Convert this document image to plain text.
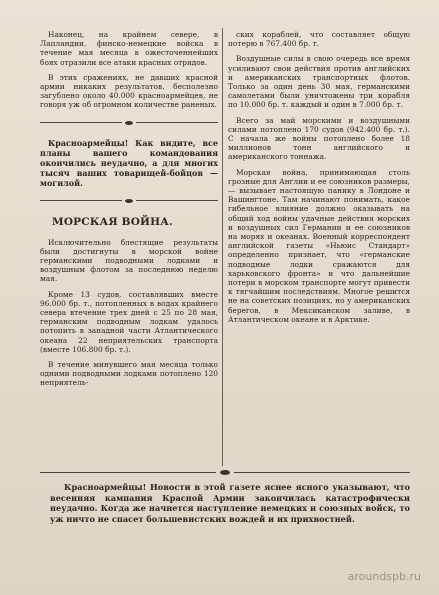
Наконец, на крайнем севере, в Лапландии, финско-немецкие войска в течение мая месяца в ожесточеннейших боях отразили все атаки красных отрядов.

В этих сражениях, не давших красной армии никаких результатов, бесполезно загублено около 40.000 красноармейцев, не говоря уж об огромном количестве раненых.

Красноармейцы! Как видите, все планы вашего командования окончились неудачно, а для многих тысяч ваших товарищей-бойцов — могилой.

МОРСКАЯ ВОЙНА.

Исключительно блестящие результаты были достигнуты в морской войне германскими подводными лодками и воздушным флотом за последнюю неделю мая.

Кроме 13 судов, составлявших вместе 96.000 бр. т., потопленных в водах крайнего севера втечение трех дней с 25 по 28 мая, германским подводным лодкам удалось потопить в западной части Атлантического океана 22 неприятельских транспорта (вместе 106.800 бр. т.).

В течение минувшего мая месяца только одними подводными лодками потоплено 120 неприятель-

ских кораблей, что составляет общую потерю в 767.400 бр. т.

Воздушные силы в свою очередь все время усиливают свои действия против английских и американских транспортных флотов. Только за один день 30 мая, германскими самолетами были уничтожены три корабля по 10.000 бр. т. каждый и один в 7.000 бр. т.

Всего за май морскими и воздушными силами потоплено 170 судов (942.400 бр. т.). С начала же войны потоплено более 18 миллионов тонн английского и американского тоннажа.

Морская война, принимающая столь грозные для Англии и ее союзников размеры, — вызывает настоящую панику в Лондоне и Вашингтоне. Там начинают понимать, какое гибельное влияние должно оказывать на общий ход войны удачные действия морских и воздушных сил Германии и ее союзников на морях и океанах. Военный корреспондент английской газеты «Ньюис Стандарт» определенно признает, что «германские подводные лодки сражаются для харьковского фронта» и что дальнейшие потери в морском транспорте могут привести к тягчайшим последствиям. Многое решится не на советских позициях, но у американских берегов, в Мексиканском заливе, в Атлантическом океане и в Арктике.

Красноармейцы! Новости в этой газете яснее ясного указывают, что весенняя кампания Красной Армии закончилась катастрофически неудачно. Когда же начнется наступление немецких и союзных войск, то уж ничто не спасет большевистских вождей и их прихвостней.

aroundspb.ru
